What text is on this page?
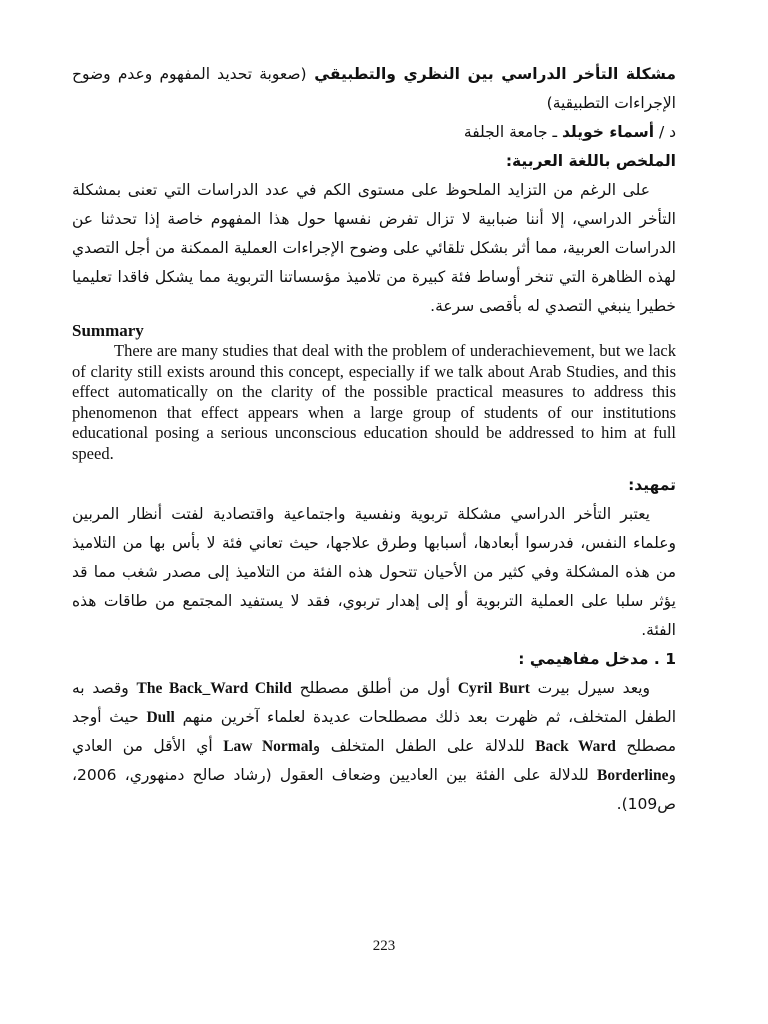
مشكلة التأخر الدراسي بين النظري والتطبيقي (صعوبة تحديد المفهوم وعدم وضوح الإجراءات التطبيقية)

د / أسماء خويلد ـ جامعة الجلفة

الملخص باللغة العربية:

على الرغم من التزايد الملحوظ على مستوى الكم في عدد الدراسات التي تعنى بمشكلة التأخر الدراسي، إلا أننا ضبابية لا تزال تفرض نفسها حول هذا المفهوم خاصة إذا تحدثنا عن الدراسات العربية، مما أثر بشكل تلقائي على وضوح الإجراءات العملية الممكنة من أجل التصدي لهذه الظاهرة التي تنخر أوساط فئة كبيرة من تلاميذ مؤسساتنا التربوية مما يشكل فاقدا تعليميا خطيرا ينبغي التصدي له بأقصى سرعة.

Summary

There are many studies that deal with the problem of underachievement, but we lack of clarity still exists around this concept, especially if we talk about Arab Studies, and this effect automatically on the clarity of the possible practical measures to address this phenomenon that effect appears when a large group of students of our institutions educational posing a serious unconscious education should be addressed to him at full speed.

تمهيد:

يعتبر التأخر الدراسي مشكلة تربوية ونفسية واجتماعية واقتصادية لفتت أنظار المربين وعلماء النفس، فدرسوا أبعادها، أسبابها وطرق علاجها، حيث تعاني فئة لا بأس بها من التلاميذ من هذه المشكلة وفي كثير من الأحيان تتحول هذه الفئة من التلاميذ إلى مصدر شغب مما قد يؤثر سلبا على العملية التربوية أو إلى إهدار تربوي، فقد لا يستفيد المجتمع من طاقات هذه الفئة.

1 . مدخل مفاهيمي :

ويعد سيرل بيرت Cyril Burt أول من أطلق مصطلح The Back_Ward Child وقصد به الطفل المتخلف، ثم ظهرت بعد ذلك مصطلحات عديدة لعلماء آخرين منهم Dull حيث أوجد مصطلح Back Ward للدلالة على الطفل المتخلف وLaw Normal أي الأقل من العادي وBorderline للدلالة على الفئة بين العاديين وضعاف العقول (رشاد صالح دمنهوري، 2006، ص109).

223
